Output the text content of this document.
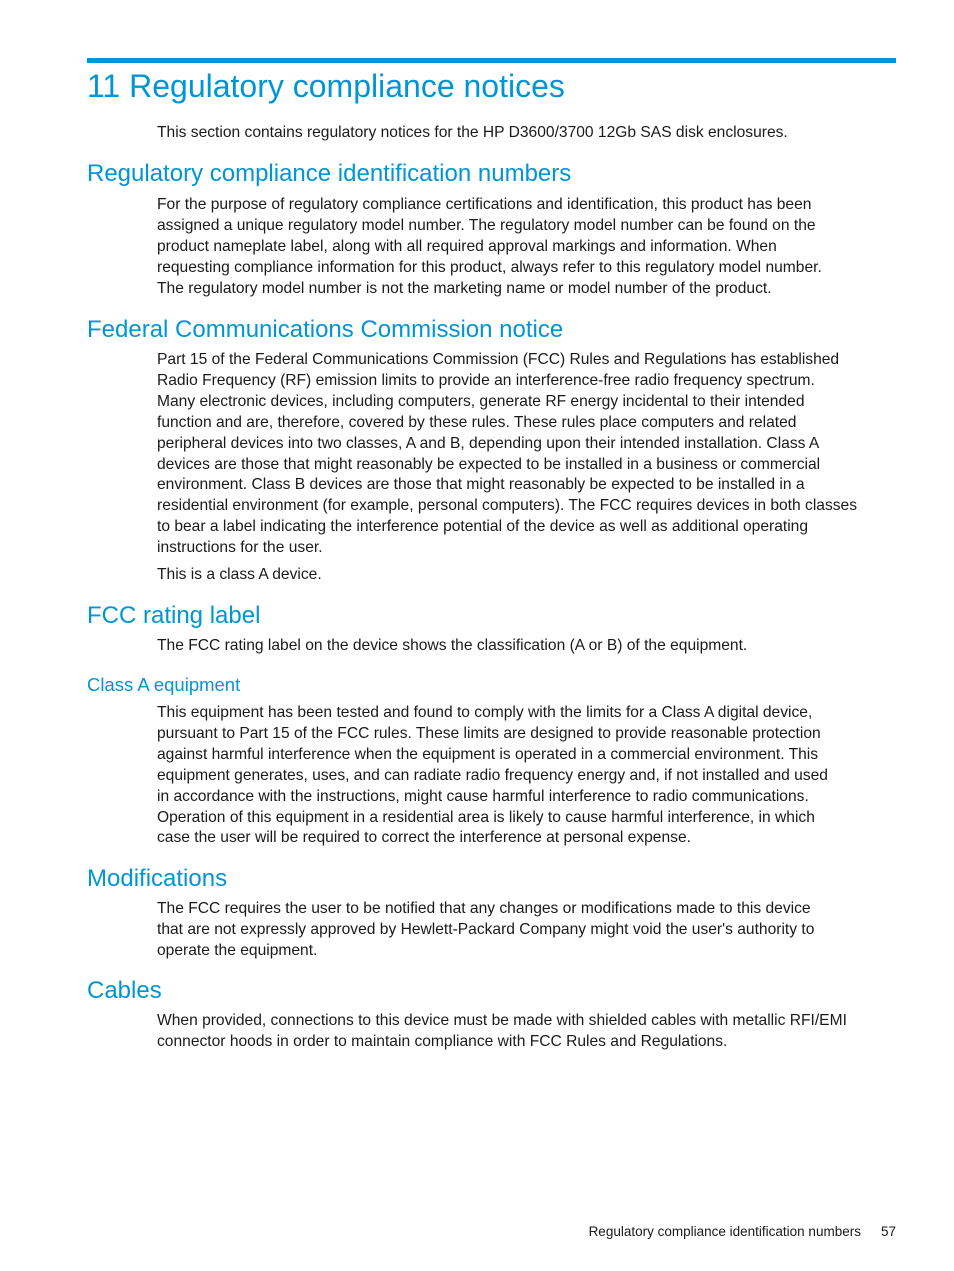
11 Regulatory compliance notices

This section contains regulatory notices for the HP D3600/3700 12Gb SAS disk enclosures.

Regulatory compliance identification numbers

For the purpose of regulatory compliance certifications and identification, this product has been
assigned a unique regulatory model number. The regulatory model number can be found on the
product nameplate label, along with all required approval markings and information. When
requesting compliance information for this product, always refer to this regulatory model number.
The regulatory model number is not the marketing name or model number of the product.

Federal Communications Commission notice

Part 15 of the Federal Communications Commission (FCC) Rules and Regulations has established
Radio Frequency (RF) emission limits to provide an interference-free radio frequency spectrum.
Many electronic devices, including computers, generate RF energy incidental to their intended
function and are, therefore, covered by these rules. These rules place computers and related
peripheral devices into two classes, A and B, depending upon their intended installation. Class A
devices are those that might reasonably be expected to be installed in a business or commercial
environment. Class B devices are those that might reasonably be expected to be installed in a
residential environment (for example, personal computers). The FCC requires devices in both classes
to bear a label indicating the interference potential of the device as well as additional operating
instructions for the user.

This is a class A device.

FCC rating label

The FCC rating label on the device shows the classification (A or B) of the equipment.

Class A equipment

This equipment has been tested and found to comply with the limits for a Class A digital device,
pursuant to Part 15 of the FCC rules. These limits are designed to provide reasonable protection
against harmful interference when the equipment is operated in a commercial environment. This
equipment generates, uses, and can radiate radio frequency energy and, if not installed and used
in accordance with the instructions, might cause harmful interference to radio communications.
Operation of this equipment in a residential area is likely to cause harmful interference, in which
case the user will be required to correct the interference at personal expense.

Modifications

The FCC requires the user to be notified that any changes or modifications made to this device
that are not expressly approved by Hewlett-Packard Company might void the user's authority to
operate the equipment.

Cables

When provided, connections to this device must be made with shielded cables with metallic RFI/EMI
connector hoods in order to maintain compliance with FCC Rules and Regulations.

Regulatory compliance identification numbers 57
